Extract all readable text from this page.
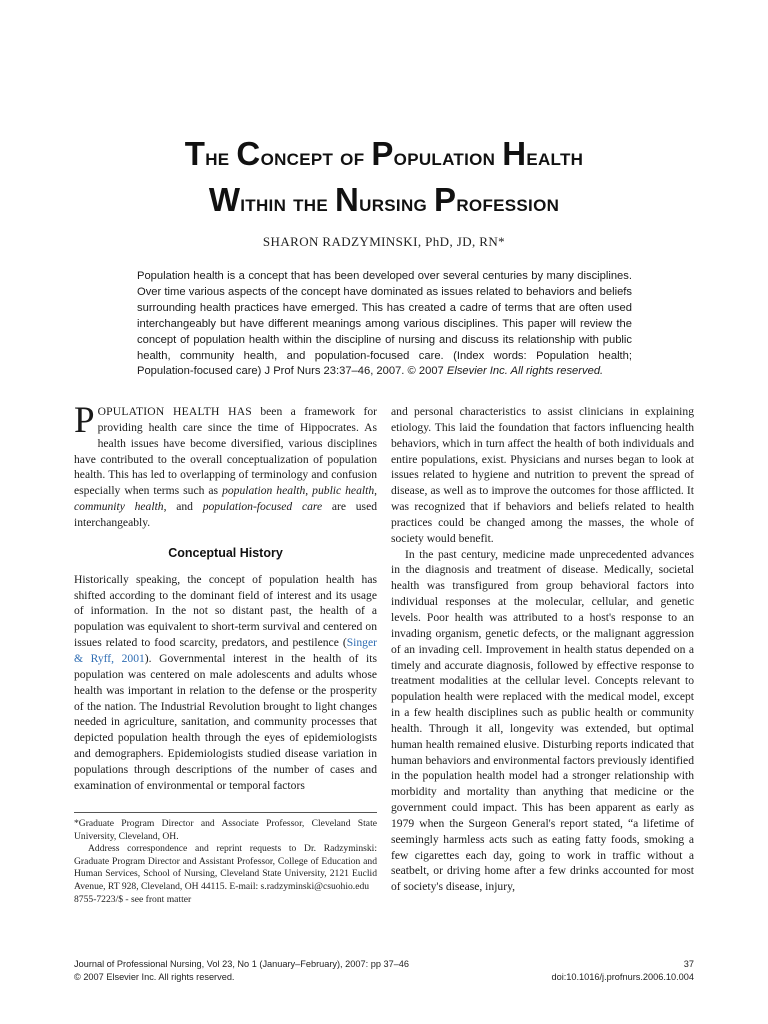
The Concept of Population Health
Within the Nursing Profession
SHARON RADZYMINSKI, PhD, JD, RN*
Population health is a concept that has been developed over several centuries by many disciplines. Over time various aspects of the concept have dominated as issues related to behaviors and beliefs surrounding health practices have emerged. This has created a cadre of terms that are often used interchangeably but have different meanings among various disciplines. This paper will review the concept of population health within the discipline of nursing and discuss its relationship with public health, community health, and population-focused care. (Index words: Population health; Population-focused care) J Prof Nurs 23:37–46, 2007. © 2007 Elsevier Inc. All rights reserved.

POPULATION HEALTH HAS been a framework for providing health care since the time of Hippocrates. As health issues have become diversified, various disciplines have contributed to the overall conceptualization of population health. This has led to overlapping of terminology and confusion especially when terms such as population health, public health, community health, and population-focused care are used interchangeably.

Conceptual History

Historically speaking, the concept of population health has shifted according to the dominant field of interest and its usage of information. In the not so distant past, the health of a population was equivalent to short-term survival and centered on issues related to food scarcity, predators, and pestilence (Singer & Ryff, 2001). Governmental interest in the health of its population was centered on male adolescents and adults whose health was important in relation to the defense or the prosperity of the nation. The Industrial Revolution brought to light changes needed in agriculture, sanitation, and community processes that depicted population health through the eyes of epidemiologists and demographers. Epidemiologists studied disease variation in populations through descriptions of the number of cases and examination of environmental or temporal factors

*Graduate Program Director and Associate Professor, Cleveland State University, Cleveland, OH.

Address correspondence and reprint requests to Dr. Radzyminski: Graduate Program Director and Assistant Professor, College of Education and Human Services, School of Nursing, Cleveland State University, 2121 Euclid Avenue, RT 928, Cleveland, OH 44115. E-mail: s.radzyminski@csuohio.edu

8755-7223/$ - see front matter

and personal characteristics to assist clinicians in explaining etiology. This laid the foundation that factors influencing health behaviors, which in turn affect the health of both individuals and entire populations, exist. Physicians and nurses began to look at issues related to hygiene and nutrition to prevent the spread of disease, as well as to improve the outcomes for those afflicted. It was recognized that if behaviors and beliefs related to health practices could be changed among the masses, the whole of society would benefit.

In the past century, medicine made unprecedented advances in the diagnosis and treatment of disease. Medically, societal health was transfigured from group behavioral factors into individual responses at the molecular, cellular, and genetic levels. Poor health was attributed to a host's response to an invading organism, genetic defects, or the malignant aggression of an invading cell. Improvement in health status depended on a timely and accurate diagnosis, followed by effective response to treatment modalities at the cellular level. Concepts relevant to population health were replaced with the medical model, except in a few health disciplines such as public health or community health. Through it all, longevity was extended, but optimal human health remained elusive. Disturbing reports indicated that human behaviors and environmental factors previously identified in the population health model had a stronger relationship with morbidity and mortality than anything that medicine or the government could impact. This has been apparent as early as 1979 when the Surgeon General's report stated, “a lifetime of seemingly harmless acts such as eating fatty foods, smoking a few cigarettes each day, going to work in traffic without a seatbelt, or driving home after a few drinks accounted for most of society's disease, injury,

Journal of Professional Nursing, Vol 23, No 1 (January–February), 2007: pp 37–46
© 2007 Elsevier Inc. All rights reserved.
37
doi:10.1016/j.profnurs.2006.10.004
